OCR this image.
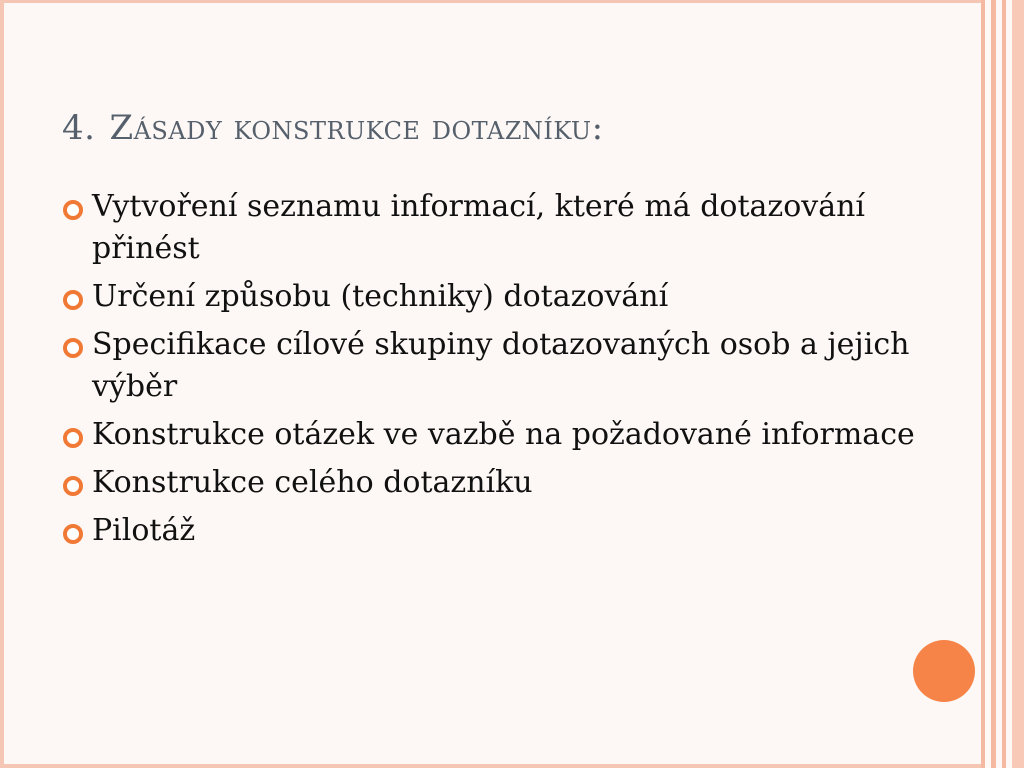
4. Zásady konstrukce dotazníku:
Vytvoření seznamu informací, které má dotazování přinést
Určení způsobu (techniky) dotazování
Specifikace cílové skupiny dotazovaných osob a jejich výběr
Konstrukce otázek ve vazbě na požadované informace
Konstrukce celého dotazníku
Pilotáž
